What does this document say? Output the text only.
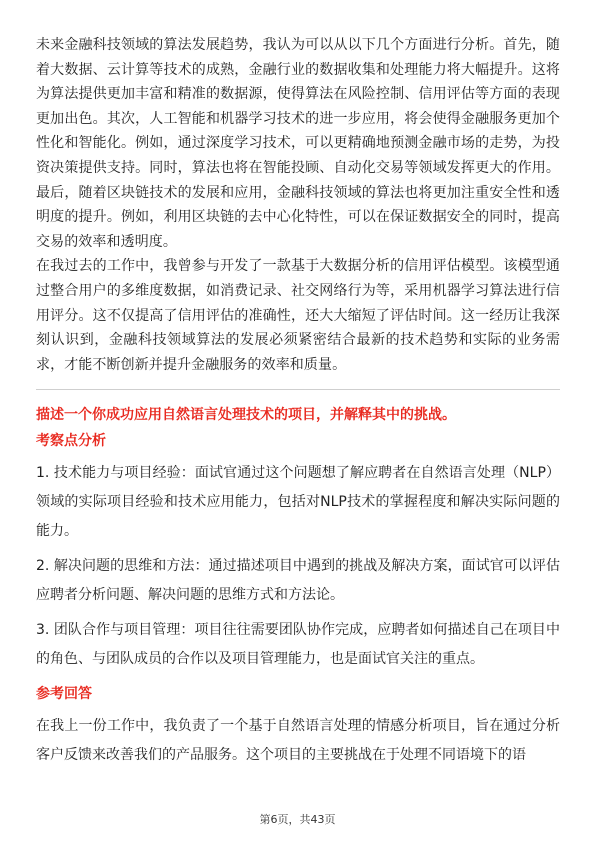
未来金融科技领域的算法发展趋势，我认为可以从以下几个方面进行分析。首先，随着大数据、云计算等技术的成熟，金融行业的数据收集和处理能力将大幅提升。这将为算法提供更加丰富和精准的数据源，使得算法在风险控制、信用评估等方面的表现更加出色。其次，人工智能和机器学习技术的进一步应用，将会使得金融服务更加个性化和智能化。例如，通过深度学习技术，可以更精确地预测金融市场的走势，为投资决策提供支持。同时，算法也将在智能投顾、自动化交易等领域发挥更大的作用。最后，随着区块链技术的发展和应用，金融科技领域的算法也将更加注重安全性和透明度的提升。例如，利用区块链的去中心化特性，可以在保证数据安全的同时，提高交易的效率和透明度。

在我过去的工作中，我曾参与开发了一款基于大数据分析的信用评估模型。该模型通过整合用户的多维度数据，如消费记录、社交网络行为等，采用机器学习算法进行信用评分。这不仅提高了信用评估的准确性，还大大缩短了评估时间。这一经历让我深刻认识到，金融科技领域算法的发展必须紧密结合最新的技术趋势和实际的业务需求，才能不断创新并提升金融服务的效率和质量。

描述一个你成功应用自然语言处理技术的项目，并解释其中的挑战。

考察点分析

1. 技术能力与项目经验：面试官通过这个问题想了解应聘者在自然语言处理（NLP）领域的实际项目经验和技术应用能力，包括对NLP技术的掌握程度和解决实际问题的能力。

2. 解决问题的思维和方法：通过描述项目中遇到的挑战及解决方案，面试官可以评估应聘者分析问题、解决问题的思维方式和方法论。

3. 团队合作与项目管理：项目往往需要团队协作完成，应聘者如何描述自己在项目中的角色、与团队成员的合作以及项目管理能力，也是面试官关注的重点。

参考回答

在我上一份工作中，我负责了一个基于自然语言处理的情感分析项目，旨在通过分析客户反馈来改善我们的产品服务。这个项目的主要挑战在于处理不同语境下的语

第6页，共43页
